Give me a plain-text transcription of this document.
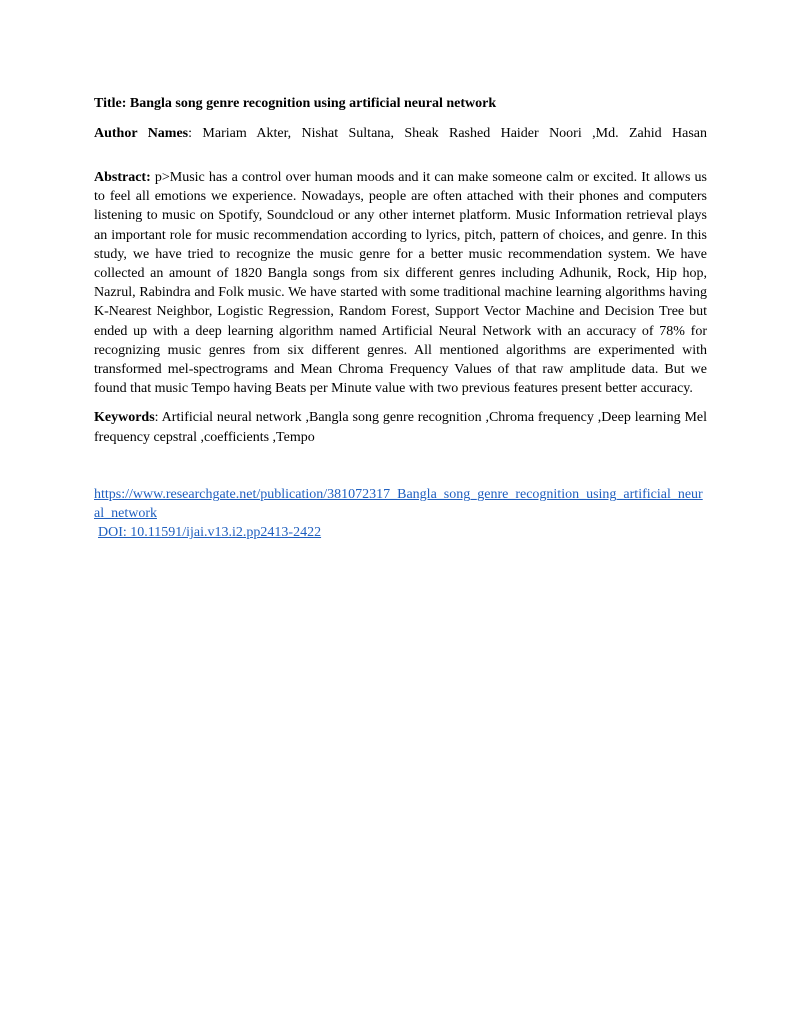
Title: Bangla song genre recognition using artificial neural network

Author Names: Mariam Akter, Nishat Sultana, Sheak Rashed Haider Noori ,Md. Zahid Hasan
Abstract: p>Music has a control over human moods and it can make someone calm or excited. It allows us to feel all emotions we experience. Nowadays, people are often attached with their phones and computers listening to music on Spotify, Soundcloud or any other internet platform. Music Information retrieval plays an important role for music recommendation according to lyrics, pitch, pattern of choices, and genre. In this study, we have tried to recognize the music genre for a better music recommendation system. We have collected an amount of 1820 Bangla songs from six different genres including Adhunik, Rock, Hip hop, Nazrul, Rabindra and Folk music. We have started with some traditional machine learning algorithms having K-Nearest Neighbor, Logistic Regression, Random Forest, Support Vector Machine and Decision Tree but ended up with a deep learning algorithm named Artificial Neural Network with an accuracy of 78% for recognizing music genres from six different genres. All mentioned algorithms are experimented with transformed mel-spectrograms and Mean Chroma Frequency Values of that raw amplitude data. But we found that music Tempo having Beats per Minute value with two previous features present better accuracy.
Keywords: Artificial neural network ,Bangla song genre recognition ,Chroma frequency ,Deep learning Mel frequency cepstral ,coefficients ,Tempo
https://www.researchgate.net/publication/381072317_Bangla_song_genre_recognition_using_artificial_neural_network
DOI: 10.11591/ijai.v13.i2.pp2413-2422
